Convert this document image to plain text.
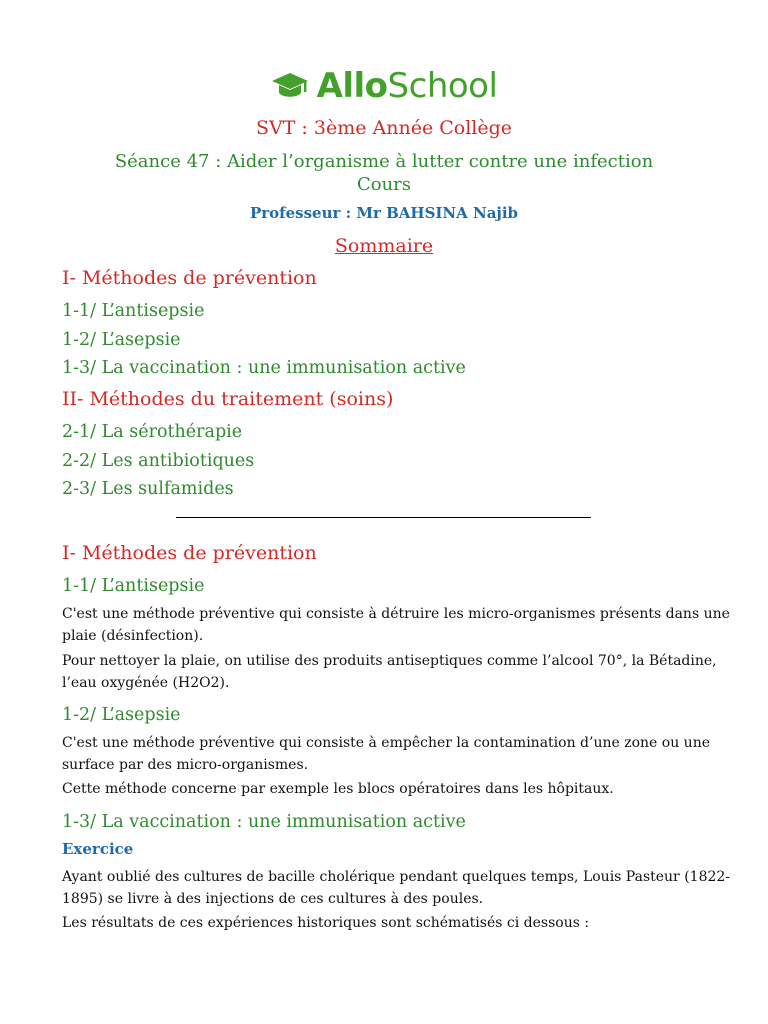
AlloSchool
SVT : 3ème Année Collège
Séance 47 : Aider l’organisme à lutter contre une infection
Cours
Professeur : Mr BAHSINA Najib
Sommaire
I- Méthodes de prévention
1-1/ L’antisepsie
1-2/ L’asepsie
1-3/ La vaccination : une immunisation active
II- Méthodes du traitement (soins)
2-1/ La sérothérapie
2-2/ Les antibiotiques
2-3/ Les sulfamides
I- Méthodes de prévention
1-1/ L’antisepsie
C'est une méthode préventive qui consiste à détruire les micro-organismes présents dans une
plaie (désinfection).
Pour nettoyer la plaie, on utilise des produits antiseptiques comme l’alcool 70°, la Bétadine,
l’eau oxygénée (H2O2).
1-2/ L’asepsie
C'est une méthode préventive qui consiste à empêcher la contamination d’une zone ou une
surface par des micro-organismes.
Cette méthode concerne par exemple les blocs opératoires dans les hôpitaux.
1-3/ La vaccination : une immunisation active
Exercice
Ayant oublié des cultures de bacille cholérique pendant quelques temps, Louis Pasteur (1822-
1895) se livre à des injections de ces cultures à des poules.
Les résultats de ces expériences historiques sont schématisés ci dessous :
